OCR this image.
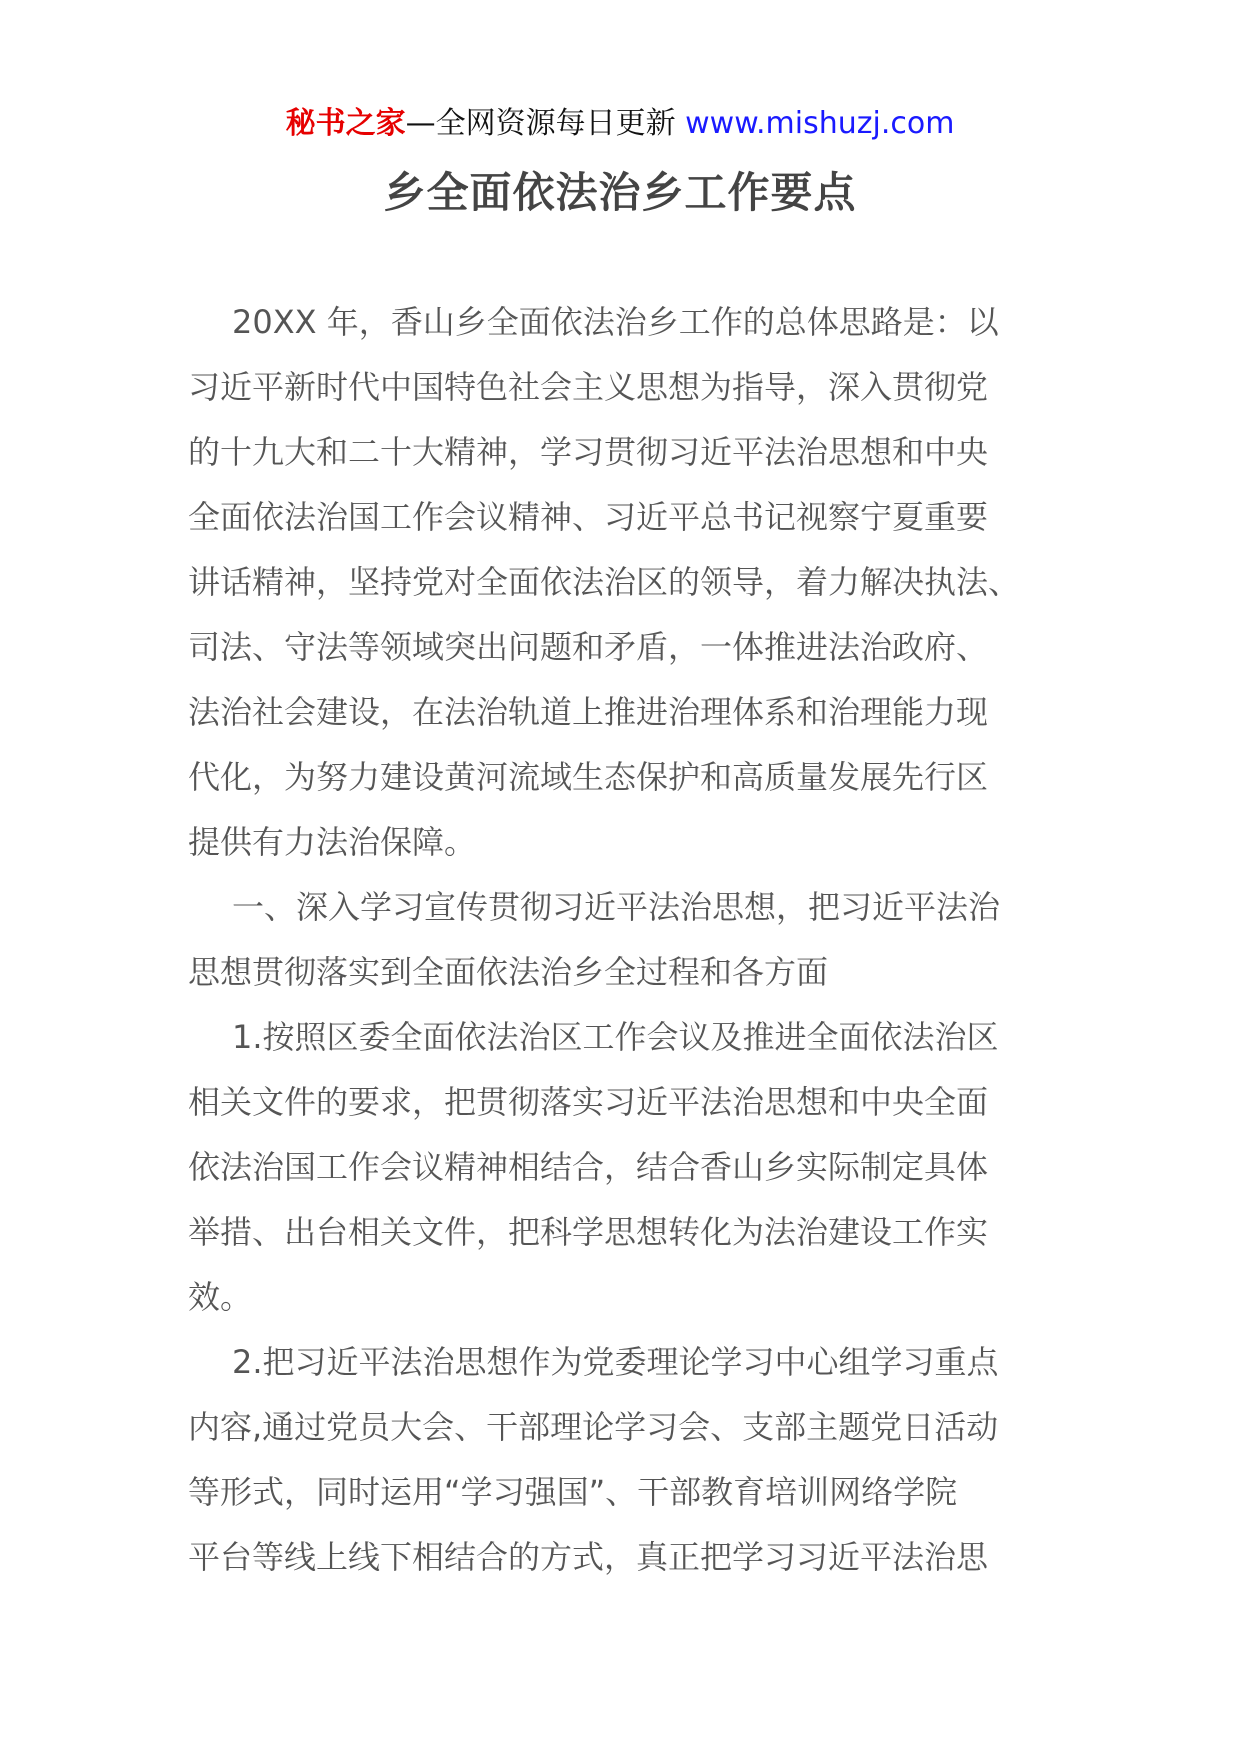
秘书之家—全网资源每日更新 www.mishuzj.com
乡全面依法治乡工作要点
20XX 年，香山乡全面依法治乡工作的总体思路是：以
习近平新时代中国特色社会主义思想为指导，深入贯彻党
的十九大和二十大精神，学习贯彻习近平法治思想和中央
全面依法治国工作会议精神、习近平总书记视察宁夏重要
讲话精神，坚持党对全面依法治区的领导，着力解决执法、
司法、守法等领域突出问题和矛盾，一体推进法治政府、
法治社会建设，在法治轨道上推进治理体系和治理能力现
代化，为努力建设黄河流域生态保护和高质量发展先行区
提供有力法治保障。
一、深入学习宣传贯彻习近平法治思想，把习近平法治
思想贯彻落实到全面依法治乡全过程和各方面
1.按照区委全面依法治区工作会议及推进全面依法治区
相关文件的要求，把贯彻落实习近平法治思想和中央全面
依法治国工作会议精神相结合，结合香山乡实际制定具体
举措、出台相关文件，把科学思想转化为法治建设工作实
效。
2.把习近平法治思想作为党委理论学习中心组学习重点
内容,通过党员大会、干部理论学习会、支部主题党日活动
等形式，同时运用“学习强国”、干部教育培训网络学院
平台等线上线下相结合的方式，真正把学习习近平法治思
